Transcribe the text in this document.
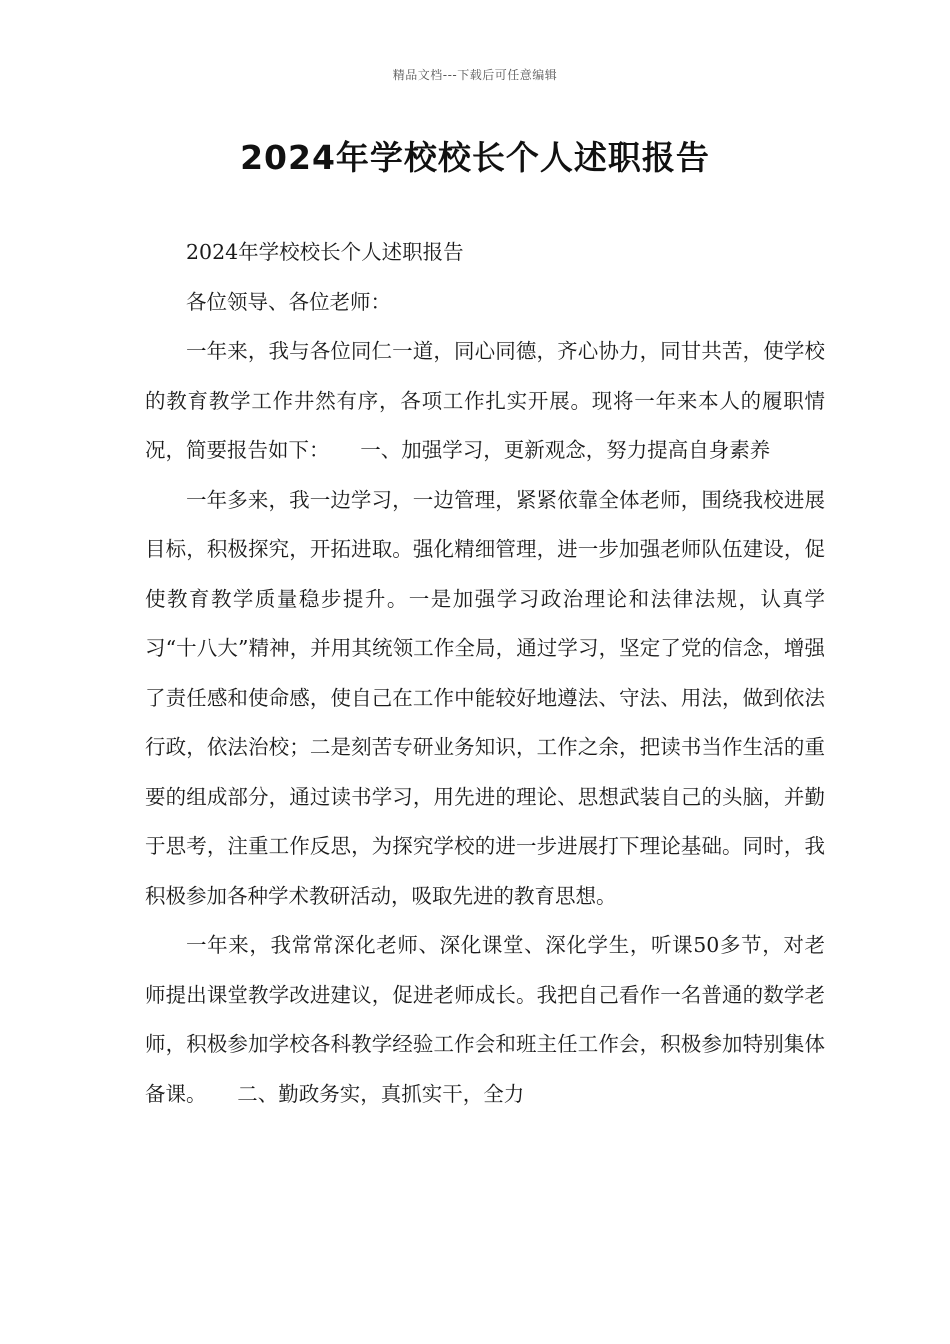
精品文档---下载后可任意编辑
2024年学校校长个人述职报告

2024年学校校长个人述职报告

各位领导、各位老师：

一年来，我与各位同仁一道，同心同德，齐心协力，同甘共苦，使学校的教育教学工作井然有序，各项工作扎实开展。现将一年来本人的履职情况，简要报告如下：　　一、加强学习，更新观念，努力提高自身素养

一年多来，我一边学习，一边管理，紧紧依靠全体老师，围绕我校进展目标，积极探究，开拓进取。强化精细管理，进一步加强老师队伍建设，促使教育教学质量稳步提升。一是加强学习政治理论和法律法规，认真学习“十八大”精神，并用其统领工作全局，通过学习，坚定了党的信念，增强了责任感和使命感，使自己在工作中能较好地遵法、守法、用法，做到依法行政，依法治校；二是刻苦专研业务知识，工作之余，把读书当作生活的重要的组成部分，通过读书学习，用先进的理论、思想武装自己的头脑，并勤于思考，注重工作反思，为探究学校的进一步进展打下理论基础。同时，我积极参加各种学术教研活动，吸取先进的教育思想。

一年来，我常常深化老师、深化课堂、深化学生，听课50多节，对老师提出课堂教学改进建议，促进老师成长。我把自己看作一名普通的数学老师，积极参加学校各科教学经验工作会和班主任工作会，积极参加特别集体备课。　　二、勤政务实，真抓实干，全力
